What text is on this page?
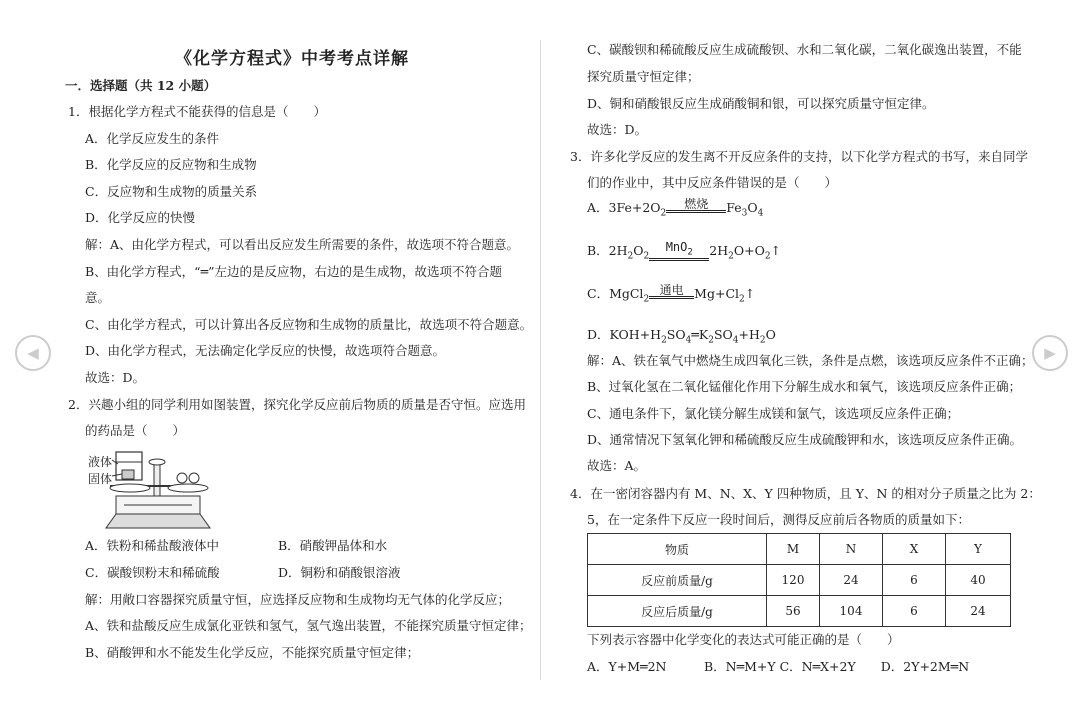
《化学方程式》中考考点详解
◀	▶
一．选择题（共 12 小题）
1．根据化学方程式不能获得的信息是（　　）
A．化学反应发生的条件
B．化学反应的反应物和生成物
C．反应物和生成物的质量关系
D．化学反应的快慢
解：A、由化学方程式，可以看出反应发生所需要的条件，故选项不符合题意。
B、由化学方程式，“═”左边的是反应物，右边的是生成物，故选项不符合题
意。
C、由化学方程式，可以计算出各反应物和生成物的质量比，故选项不符合题意。
D、由化学方程式，无法确定化学反应的快慢，故选项符合题意。
故选：D。
2．兴趣小组的同学利用如图装置，探究化学反应前后物质的质量是否守恒。应选用
的药品是（　　）
液体
固体
A．铁粉和稀盐酸液体中	B．硝酸钾晶体和水
C．碳酸钡粉末和稀硫酸	D．铜粉和硝酸银溶液
解：用敞口容器探究质量守恒，应选择反应物和生成物均无气体的化学反应；
A、铁和盐酸反应生成氯化亚铁和氢气，氢气逸出装置，不能探究质量守恒定律；
B、硝酸钾和水不能发生化学反应，不能探究质量守恒定律；
C、碳酸钡和稀硫酸反应生成硫酸钡、水和二氧化碳，二氧化碳逸出装置，不能
探究质量守恒定律；
D、铜和硝酸银反应生成硝酸铜和银，可以探究质量守恒定律。
故选：D。
3．许多化学反应的发生离不开反应条件的支持，以下化学方程式的书写，来自同学
们的作业中，其中反应条件错误的是（　　）
A．$3Fe+2O_2$
燃烧	$Fe_3O_4$
B．$2H_2O_2$
MnO$_2$	$2H_2O+O_2↑$
C．MgCl$_2$
通电 $Mg+Cl_2↑$
D．$KOH+H_2SO_4═K_2SO_4+H_2O$
解：A、铁在氧气中燃烧生成四氧化三铁，条件是点燃，该选项反应条件不正确；
B、过氧化氢在二氧化锰催化作用下分解生成水和氧气，该选项反应条件正确；
C、通电条件下，氯化镁分解生成镁和氯气，该选项反应条件正确；
D、通常情况下氢氧化钾和稀硫酸反应生成硫酸钾和水，该选项反应条件正确。
故选：A。
4．在一密闭容器内有 M、N、X、Y 四种物质，且 Y、N 的相对分子质量之比为 2：
5，在一定条件下反应一段时间后，测得反应前后各物质的质量如下：
物质	M	N	X	Y
反应前质量/g	120	24	6	40
反应后质量/g	56	104	6	24
下列表示容器中化学变化的表达式可能正确的是（　　）
A．Y+M═2N　　　B．N═M+Y C．N═X+2Y　　D．2Y+2M═N
